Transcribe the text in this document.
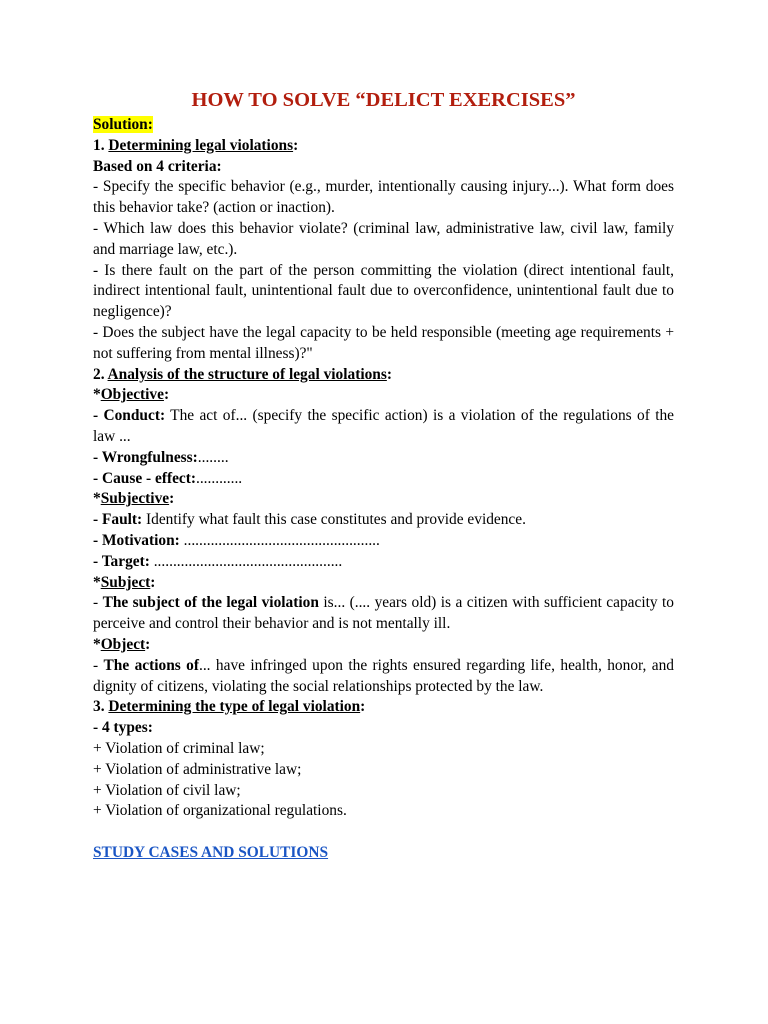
HOW TO SOLVE “DELICT EXERCISES”

Solution:

1. Determining legal violations:

Based on 4 criteria:

- Specify the specific behavior (e.g., murder, intentionally causing injury...). What form does this behavior take? (action or inaction).

- Which law does this behavior violate? (criminal law, administrative law, civil law, family and marriage law, etc.).

- Is there fault on the part of the person committing the violation (direct intentional fault, indirect intentional fault, unintentional fault due to overconfidence, unintentional fault due to negligence)?

- Does the subject have the legal capacity to be held responsible (meeting age requirements + not suffering from mental illness)?"

2. Analysis of the structure of legal violations:

*Objective:

- Conduct: The act of... (specify the specific action) is a violation of the regulations of the law ...

- Wrongfulness:........

- Cause - effect:............

*Subjective:

- Fault: Identify what fault this case constitutes and provide evidence.

- Motivation: ...................................................

- Target: .................................................

*Subject:

- The subject of the legal violation is... (.... years old) is a citizen with sufficient capacity to perceive and control their behavior and is not mentally ill.

*Object:

- The actions of... have infringed upon the rights ensured regarding life, health, honor, and dignity of citizens, violating the social relationships protected by the law.

3. Determining the type of legal violation:

- 4 types:

+ Violation of criminal law;

+ Violation of administrative law;

+ Violation of civil law;

+ Violation of organizational regulations.

STUDY CASES AND SOLUTIONS
